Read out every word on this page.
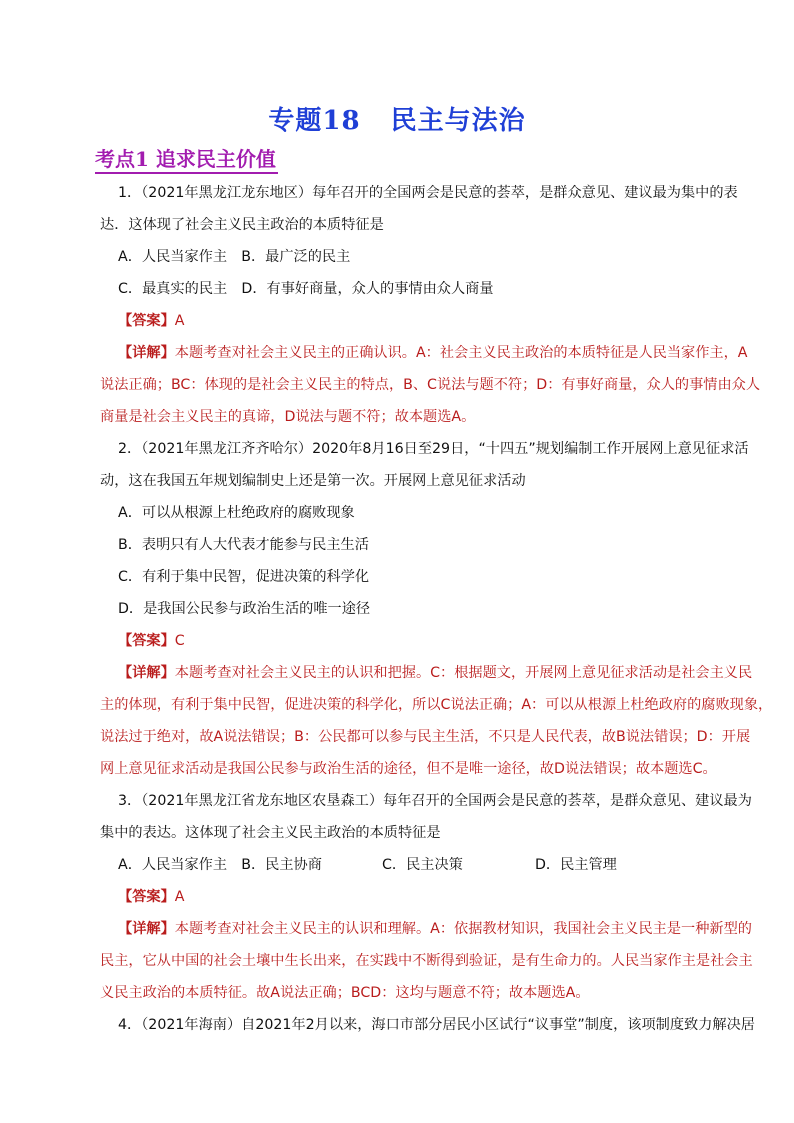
专题18 民主与法治
考点1 追求民主价值
1．（2021年黑龙江龙东地区）每年召开的全国两会是民意的荟萃，是群众意见、建议最为集中的表
达．这体现了社会主义民主政治的本质特征是
A．人民当家作主　B．最广泛的民主
C．最真实的民主　D．有事好商量，众人的事情由众人商量
【答案】A
【详解】本题考查对社会主义民主的正确认识。A：社会主义民主政治的本质特征是人民当家作主，A
说法正确；BC：体现的是社会主义民主的特点，B、C说法与题不符；D：有事好商量，众人的事情由众人
商量是社会主义民主的真谛，D说法与题不符；故本题选A。
2．（2021年黑龙江齐齐哈尔）2020年8月16日至29日，“十四五”规划编制工作开展网上意见征求活
动，这在我国五年规划编制史上还是第一次。开展网上意见征求活动
A．可以从根源上杜绝政府的腐败现象
B．表明只有人大代表才能参与民主生活
C．有利于集中民智，促进决策的科学化
D．是我国公民参与政治生活的唯一途径
【答案】C
【详解】本题考查对社会主义民主的认识和把握。C：根据题文，开展网上意见征求活动是社会主义民
主的体现，有利于集中民智，促进决策的科学化，所以C说法正确；A：可以从根源上杜绝政府的腐败现象，
说法过于绝对，故A说法错误；B：公民都可以参与民主生活，不只是人民代表，故B说法错误；D：开展
网上意见征求活动是我国公民参与政治生活的途径，但不是唯一途径，故D说法错误；故本题选C。
3．（2021年黑龙江省龙东地区农垦森工）每年召开的全国两会是民意的荟萃，是群众意见、建议最为
集中的表达。这体现了社会主义民主政治的本质特征是
A．人民当家作主　B．民主协商	C．民主决策	D．民主管理
【答案】A
【详解】本题考查对社会主义民主的认识和理解。A：依据教材知识，我国社会主义民主是一种新型的
民主，它从中国的社会土壤中生长出来，在实践中不断得到验证，是有生命力的。人民当家作主是社会主
义民主政治的本质特征。故A说法正确；BCD：这均与题意不符；故本题选A。
4．（2021年海南）自2021年2月以来，海口市部分居民小区试行“议事堂”制度，该项制度致力解决居
